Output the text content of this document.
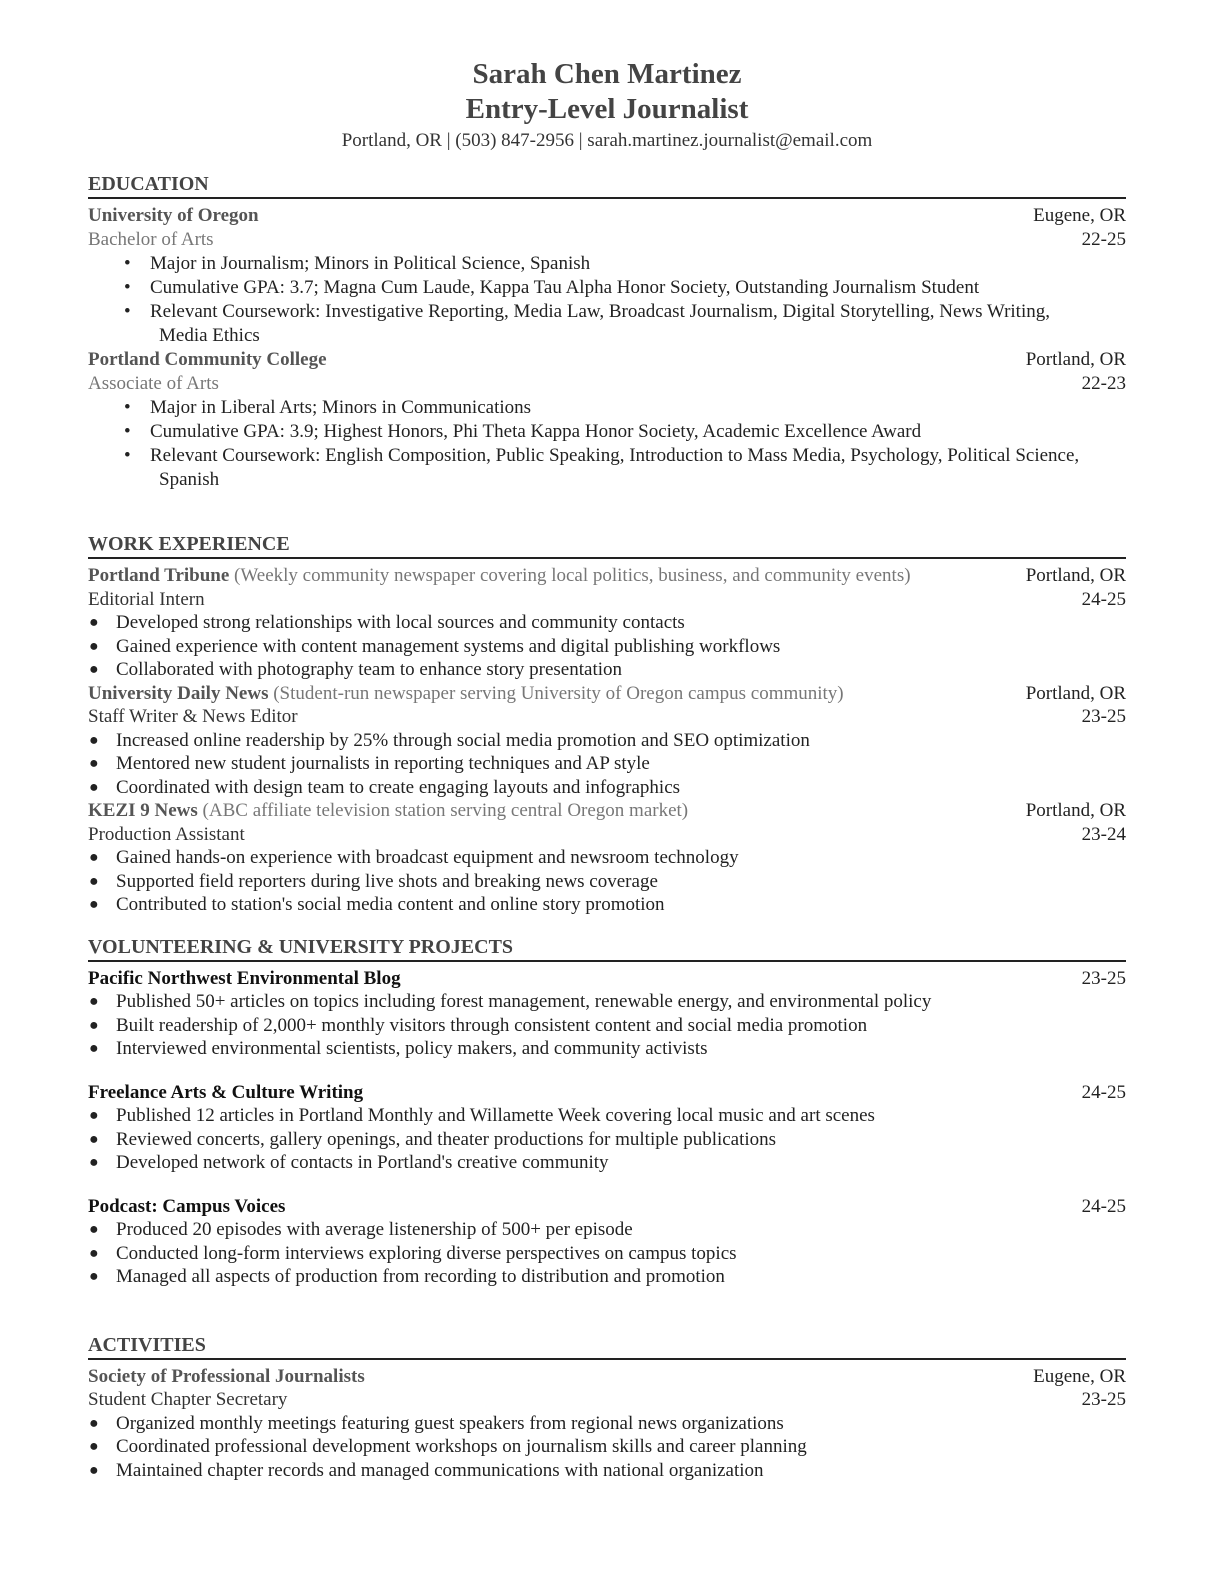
Sarah Chen Martinez
Entry-Level Journalist
Portland, OR | (503) 847-2956 | sarah.martinez.journalist@email.com
EDUCATION
University of Oregon	Eugene, OR
Bachelor of Arts	22-25
• Major in Journalism; Minors in Political Science, Spanish
• Cumulative GPA: 3.7; Magna Cum Laude, Kappa Tau Alpha Honor Society, Outstanding Journalism Student
• Relevant Coursework: Investigative Reporting, Media Law, Broadcast Journalism, Digital Storytelling, News Writing,
Media Ethics
Portland Community College	Portland, OR
Associate of Arts	22-23
• Major in Liberal Arts; Minors in Communications
• Cumulative GPA: 3.9; Highest Honors, Phi Theta Kappa Honor Society, Academic Excellence Award
• Relevant Coursework: English Composition, Public Speaking, Introduction to Mass Media, Psychology, Political Science,
Spanish
WORK EXPERIENCE
Portland Tribune (Weekly community newspaper covering local politics, business, and community events)	Portland, OR
Editorial Intern	24-25
● Developed strong relationships with local sources and community contacts
● Gained experience with content management systems and digital publishing workflows
● Collaborated with photography team to enhance story presentation
University Daily News (Student-run newspaper serving University of Oregon campus community)	Portland, OR
Staff Writer & News Editor	23-25
● Increased online readership by 25% through social media promotion and SEO optimization
● Mentored new student journalists in reporting techniques and AP style
● Coordinated with design team to create engaging layouts and infographics
KEZI 9 News (ABC affiliate television station serving central Oregon market)	Portland, OR
Production Assistant	23-24
● Gained hands-on experience with broadcast equipment and newsroom technology
● Supported field reporters during live shots and breaking news coverage
● Contributed to station's social media content and online story promotion
VOLUNTEERING & UNIVERSITY PROJECTS
Pacific Northwest Environmental Blog	23-25
● Published 50+ articles on topics including forest management, renewable energy, and environmental policy
● Built readership of 2,000+ monthly visitors through consistent content and social media promotion
● Interviewed environmental scientists, policy makers, and community activists
Freelance Arts & Culture Writing	24-25
● Published 12 articles in Portland Monthly and Willamette Week covering local music and art scenes
● Reviewed concerts, gallery openings, and theater productions for multiple publications
● Developed network of contacts in Portland's creative community
Podcast: Campus Voices	24-25
● Produced 20 episodes with average listenership of 500+ per episode
● Conducted long-form interviews exploring diverse perspectives on campus topics
● Managed all aspects of production from recording to distribution and promotion
ACTIVITIES
Society of Professional Journalists	Eugene, OR
Student Chapter Secretary	23-25
● Organized monthly meetings featuring guest speakers from regional news organizations
● Coordinated professional development workshops on journalism skills and career planning
● Maintained chapter records and managed communications with national organization
